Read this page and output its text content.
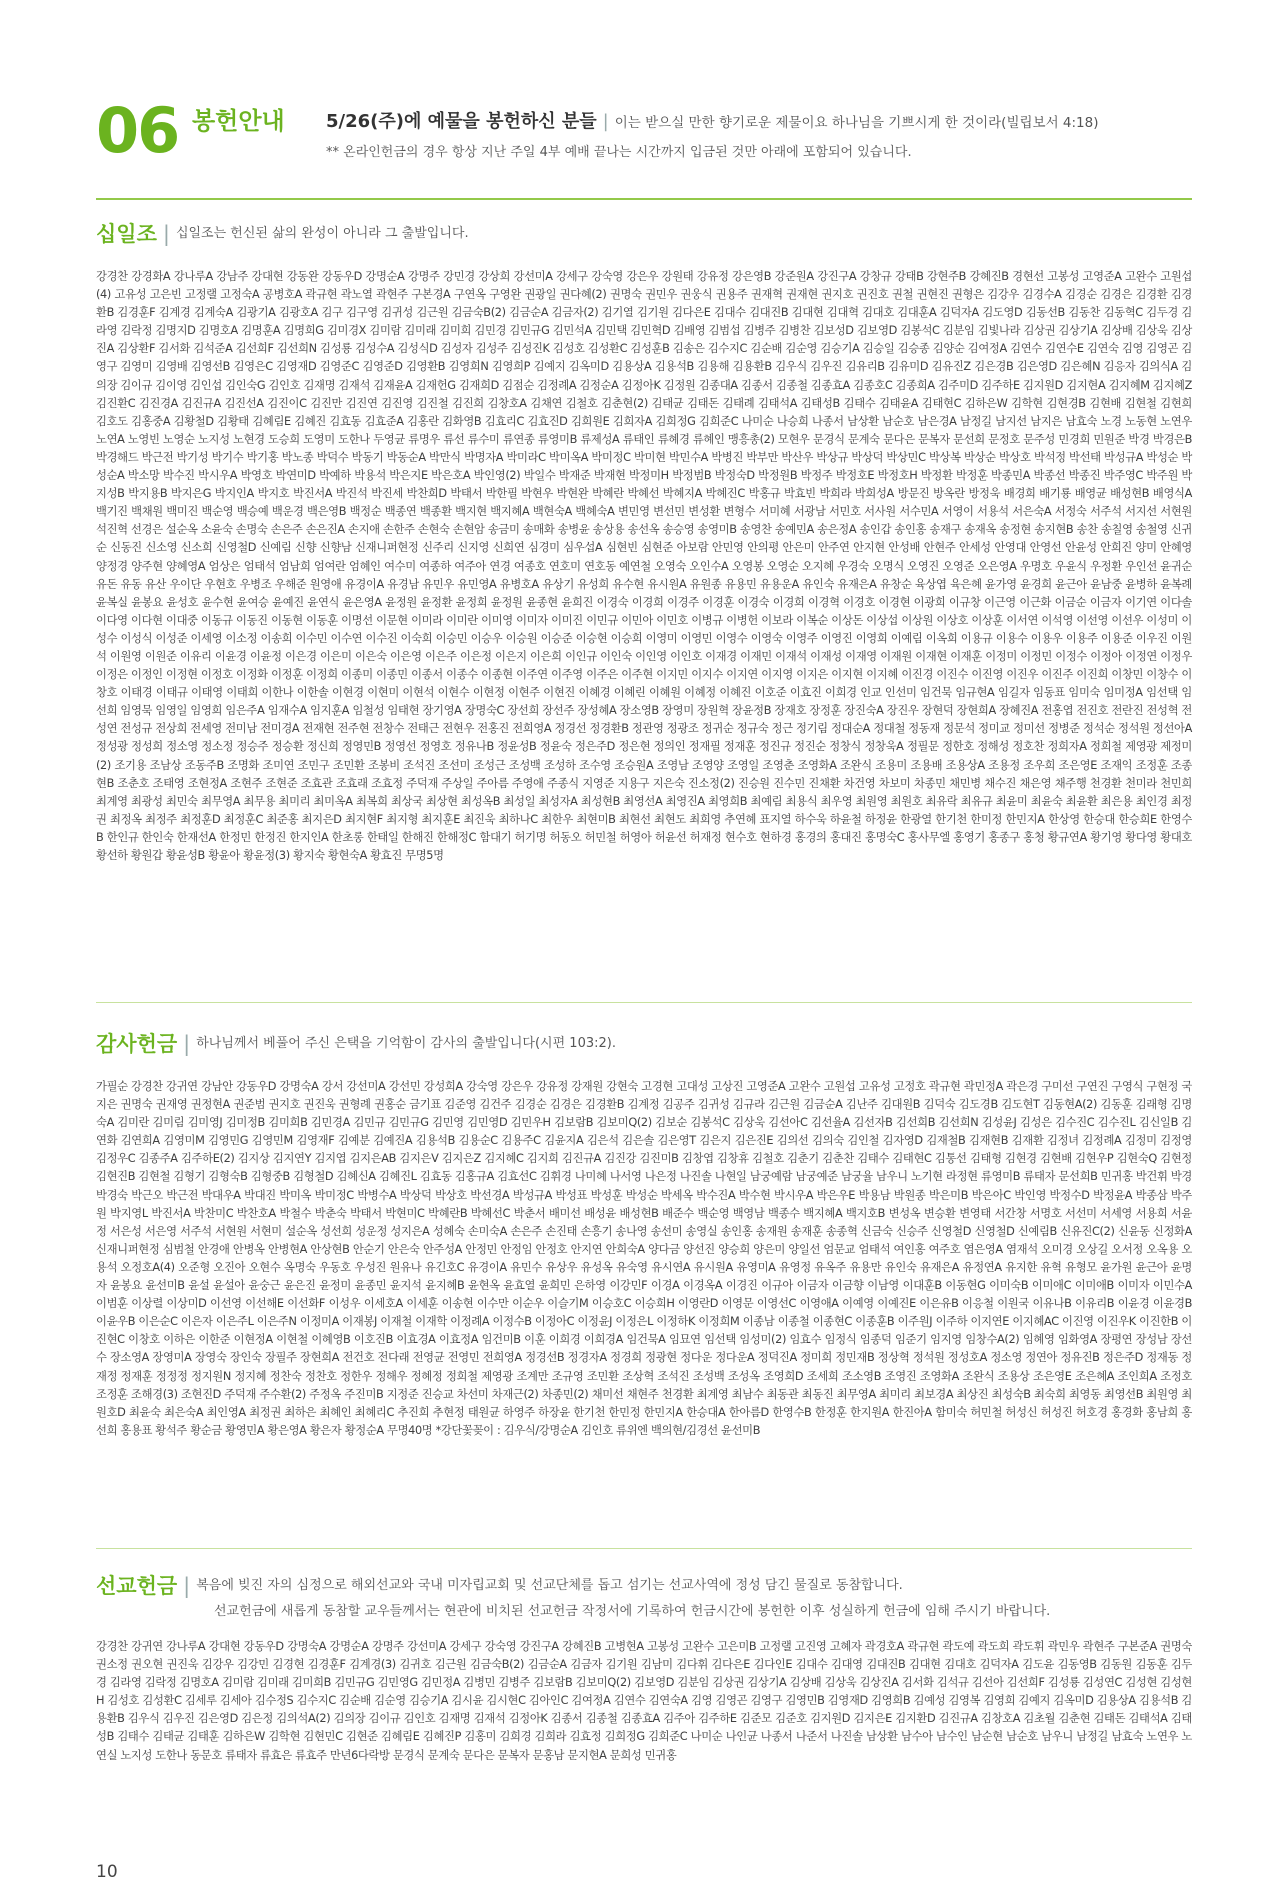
06 봉헌안내 5/26(주)에 예물을 봉헌하신 분들 | 이는 받으실 만한 향기로운 제물이요 하나님을 기쁘시게 한 것이라(빌립보서 4:18)
** 온라인헌금의 경우 항상 지난 주일 4부 예배 끝나는 시간까지 입금된 것만 아래에 포함되어 있습니다.
십일조 | 십일조는 헌신된 삶의 완성이 아니라 그 출발입니다.
강경찬 강경화A 강나루A 강남주 강대현 강동완 강동우D 강명순A 강명주 강민경 강상희 강선미A 강세구 강숙영 강은우 강원태 강유정 강은영B 강준원A 강진구A 강창규 강태B 강현주B 강혜진B 경현선 고봉성 고영준A 고완수 고원섭(4) 고유성 고은빈 고정랠 고정숙A 공병호A 곽규현 곽노열 곽현주 구본경A 구연옥 구영완 권광일 권다혜(2) 권명숙 권민우 권웅식 권용주 권재혁 권재현 권지호 권진호 권철 권현진 권형은 김강우 김경수A 김경순 김경은 김경환 김경환B 김경훈F 김계경 김계숙A 김광기A 김광호A 김구 김구영 김귀성 김근원 김금숙B(2) 김금순A 김금자(2) 김기열 김기원 김다은E 김대수 김대진B 김대현 김대혁 김대호 김대훈A 김덕자A 김도영D 김동선B 김동찬 김동혁C 김두경 김라영 김락정 김명지D 김명호A 김명훈A 김명희G 김미경X 김미람 김미래 김미희 김민경 김민규G 김민석A 김민택 김민혁D 김배영 김범섭 김병주 김병찬 김보성D 김보영D 김봉석C 김분임 김빛나라 김상권 김상기A 김상배 김상욱 김상진A 김상환F 김서화 김석준A 김선희F 김선희N 김성룡 김성수A 김성식D 김성자 김성주 김성진K 김성호 김성환C 김성훈B 김송은 김수지C 김순배 김순영 김승기A 김승일 김승종 김양순 김여정A 김연수 김연수E 김연숙 김영 김영곤 김영구 김영미 김영배 김영선B 김영은C 김영재D 김영준C 김영준D 김영환B 김영희N 김영희P 김예지 김옥미D 김용상A 김용석B 김용해 김용환B 김우식 김우진 김유리B 김유미D 김유진Z 김은경B 김은영D 김은혜N 김응자 김의식A 김의장 김이규 김이영 김인섭 김인숙G 김인호 김재명 김재석 김재윤A 김재헌G 김재희D 김점순 김정례A 김정순A 김정아K 김정원 김종대A 김종서 김종철 김종효A 김종호C 김종희A 김주미D 김주하E 김지원D 김지현A 김지혜M 김지혜Z 김진환C 김진경A 김진규A 김진선A 김진이C 김진만 김진연 김진영 김진철 김진희 김창호A 김채연 김철호 김춘현(2) 김태균 김태돈 김태례 김태석A 김태성B 김태수 김태윤A 김태현C 김하은W 김학현 김현경B 김현배 김현철 김현희 김호도 김홍중A 김황철D 김황태 김혜림E 김혜진 김효동 김효준A 김홍란 김화영B 김효리C 김효진D 김희원E 김희자A 김희정G 김희준C 나미순 나승희 나종서 남상환 남순호 남은경A 남정길 남지선 남지은 남효숙 노경 노동현 노연우 노연A 노영빈 노영순 노지성 노현경 도승희 도영미 도한나 두영균 류명우 류선 류수미 류연종 류영미B 류제성A 류태인 류혜경 류혜인 맹흥총(2) 모현우 문경식 문계숙 문다은 문복자 문선희 문정호 문주성 민경희 민원준 박경 박경은B 박경해드 박근전 박기성 박기수 박기홍 박노종 박덕수 박동기 박동순A 박만식 박명자A 박미라C 박미옥A 박미정C 박미현 박민수A 박병진 박부만 박산우 박상규 박상덕 박상민C 박상복 박상순 박상호 박석정 박선태 박성규A 박성순 박성순A 박소망 박수진 박시우A 박영호 박연미D 박예하 박용석 박은지E 박은호A 박인영(2) 박일수 박재준 박재현 박정미H 박정범B 박정숙D 박정원B 박정주 박정호E 박정호H 박정환 박정훈 박종민A 박종선 박종진 박주영C 박주원 박지성B 박지용B 박지은G 박지인A 박지호 박진서A 박진석 박진세 박찬희D 박태서 박한필 박현우 박현완 박혜란 박혜선 박혜지A 박혜진C 박홍규 박효빈 박희라 박희성A 방문진 방옥란 방정욱 배경희 배기룡 배영균 배성현B 배영식A 백기진 백채원 백미진 백순영 백승예 백운경 백은영B 백정순 백종연 백종환 백지현 백지혜A 백현숙A 백혜숙A 변민영 변선민 변성환 변형수 서미혜 서광남 서민호 서사원 서수민A 서영이 서용석 서은숙A 서정숙 서주석 서지선 서현원 석진혁 선경은 설순옥 소윤숙 손명숙 손은주 손은진A 손지애 손한주 손현숙 손현암 송금미 송매화 송병윤 송상용 송선옥 송승영 송영미B 송영찬 송예민A 송은정A 송인갑 송인홍 송재구 송재옥 송정현 송지현B 송찬 송칠영 송철영 신귀순 신동진 신소영 신소희 신영철D 신예림 신향 신향남 신재니퍼현정 신주리 신지영 신희연 심경미 심우섭A 심현빈 심현준 아보람 안민영 안의평 안은미 안주연 안지현 안성배 안현주 안세성 안영대 안영선 안윤성 안희진 양미 안혜영 양정경 양주현 양혜영A 엄상은 엄태석 엄남희 엄여란 엄혜인 여수미 여종하 여주아 연경 여종호 연호미 연호동 예연철 오영숙 오인수A 오영봉 오영순 오지혜 우경숙 오명식 오영진 오영준 오은영A 우명호 우윤식 우정환 우인선 윤귀순 유돈 유동 유산 우이단 우현호 우병조 우해준 원영애 유경이A 유경남 유민우 유민영A 유병호A 유상기 유성희 유수현 유시원A 유원종 유용민 유용운A 유인숙 유재은A 유창순 육상엽 육은혜 윤가영 윤경희 윤근아 윤남중 윤병하 윤복례 윤복실 윤봉요 윤성호 윤수현 윤여승 윤예진 윤연식 윤은영A 윤정원 윤정환 윤정희 윤정원 윤종현 윤희진 이경숙 이경희 이경주 이경훈 이경숙 이경희 이경혁 이경호 이경현 이광희 이규창 이근영 이근화 이금순 이금자 이기연 이다솔 이다영 이다현 이대중 이동규 이동진 이동현 이동훈 이명선 이문현 이미라 이미란 이미영 이미자 이미진 이민규 이민아 이민호 이병규 이병헌 이보라 이복순 이상돈 이상섭 이상원 이상호 이상훈 이서연 이석영 이선영 이선우 이성미 이성수 이성식 이성준 이세영 이소정 이송희 이수민 이수연 이수진 이숙희 이승민 이승우 이승원 이승준 이승현 이승희 이영미 이영민 이영수 이영숙 이영주 이영진 이영희 이예림 이옥희 이용규 이용수 이용우 이용주 이용준 이우진 이원석 이원영 이원준 이유리 이윤경 이윤정 이은경 이은미 이은숙 이은영 이은주 이은정 이은지 이은희 이인규 이인숙 이인영 이인호 이재경 이재민 이재석 이재성 이재영 이재원 이재현 이재훈 이정미 이정민 이정수 이정아 이정연 이정우 이정은 이정인 이정현 이정호 이정화 이정훈 이정희 이종미 이종민 이종서 이종수 이종현 이주연 이주영 이주은 이주현 이지민 이지수 이지연 이지영 이지은 이지현 이지혜 이진경 이진수 이진영 이진우 이진주 이진희 이창민 이창수 이창호 이태경 이태규 이태영 이태희 이한나 이한솔 이현경 이현미 이현석 이현수 이현정 이현주 이현진 이혜경 이혜린 이혜원 이혜정 이혜진 이호준 이효진 이희경 인교 인선미 임건묵 임규현A 임길자 임동표 임미숙 임미정A 임선택 임선희 임영묵 임영일 임영희 임은주A 임재수A 임지훈A 임철성 임태현 장기영A 장명숙C 장선희 장선주 장성혜A 장소영B 장영미 장원혁 장윤정B 장재호 장정훈 장진숙A 장진우 장현덕 장현희A 장혜진A 전홍엽 전진호 전란진 전성혁 전성연 전성규 전상희 전세영 전미남 전미경A 전재현 전주현 전창수 전태근 전현우 전홍진 전희영A 정경선 정경환B 정관영 정광조 정귀순 정규숙 정근 정기림 정대순A 정대철 정동재 정문석 정미교 정미선 정병준 정석순 정석원 정선아A 정성광 정성희 정소영 정소정 정승주 정승환 정신희 정영민B 정영선 정영호 정유나B 정윤성B 정윤숙 정은주D 정은현 정의인 정재필 정재훈 정진규 정진순 정창식 정창욱A 정필문 정한호 정해성 정호찬 정희자A 정희철 제영광 제정미(2) 조기용 조남상 조동주B 조명화 조미연 조민구 조민환 조봉비 조석진 조선미 조성근 조성백 조성하 조수영 조승원A 조영남 조영양 조영일 조영춘 조영화A 조완식 조용미 조용배 조용상A 조용정 조우희 조은영E 조재익 조정훈 조종현B 조춘호 조태영 조현정A 조현주 조현준 조효관 조효래 조효정 주덕재 주상일 주아름 주영애 주종식 지영준 지용구 지은숙 진소정(2) 진승원 진수민 진채환 차건영 차보미 차종민 채민병 채수진 채은영 채주행 천경환 천미라 천민희 최계영 최광성 최민숙 최무영A 최무용 최미리 최미옥A 최복희 최상국 최상현 최성옥B 최성일 최성자A 최성현B 최영선A 최영진A 최영희B 최예림 최용식 최우영 최원영 최원호 최유락 최유규 최윤미 최윤숙 최윤환 최은용 최인경 최정권 최정옥 최정주 최정훈D 최정훈C 최준홍 최지은D 최지현F 최지형 최지훈E 최진욱 최하나C 최한우 최현미B 최현선 최현도 최희영 추연혜 표지열 하수욱 하윤철 하정윤 한광열 한기천 한미정 한민지A 한상영 한승대 한승희E 한영수B 한인규 한인숙 한재선A 한정민 한정진 한지인A 한초롱 한태일 한해진 한해정C 함대기 허기명 허동오 허민철 허영아 허윤선 허재정 현수호 현하경 홍경의 홍대진 홍명숙C 홍사무엘 홍영기 홍종구 홍청 황규연A 황기영 황다영 황대호 황선하 황원갑 황윤성B 황윤아 황윤정(3) 황지숙 황현숙A 황효진 무명5명
감사헌금 | 하나님께서 베풀어 주신 은택을 기억함이 감사의 출발입니다(시편 103:2).
가필순 강경찬 강귀연 강남안 강동우D 강명숙A 강서 강선미A 강선민 강성희A 강숙영 강은우 강유정 강재원 강현숙 고경현 고대성 고상진 고영준A 고완수 고원섭 고유성 고정호 곽규현 곽민정A 곽은경 구미선 구연진 구영식 구현정 국지은 권명숙 권재영 권정현A 권준범 권지호 권진욱 권형례 권홍순 금기표 김준영 김건주 김경순 김경은 김경환B 김계정 김공주 김귀성 김규라 김근원 김금순A 김난주 김대원B 김덕숙 김도경B 김도현T 김동현A(2) 김동훈 김래형 김명숙A 김미란 김미림 김미영J 김미정B 김미희B 김민경A 김민규 김민규G 김민영 김민영D 김민우H 김보람B 김보미Q(2) 김보순 김봉석C 김상욱 김선아C 김선율A 김선자B 김선희B 김선희N 김성윤J 김성은 김수진C 김수진L 김신일B 김연화 김연희A 김영미M 김영민G 김영민M 김영재F 김예분 김예진A 김용석B 김용순C 김용주C 김윤지A 김은석 김은솔 김은영T 김은지 김은진E 김의선 김의숙 김인철 김자영D 김재철B 김재현B 김재환 김정녀 김정례A 김정미 김정영 김정우C 김종주A 김주하E(2) 김지상 김지연Y 김지엽 김지은AB 김지은V 김지은Z 김지혜C 김지희 김진규A 김진강 김진미B 김창엽 김창휴 김철호 김춘기 김춘찬 김태수 김태현C 김통선 김태형 김현경 김현배 김현우P 김현숙Q 김현정 김현진B 김현철 김형기 김형숙B 김형중B 김형철D 김혜신A 김혜진L 김효동 김홍규A 김효선C 김휘경 나미혜 나서영 나은정 나진솔 나현일 남궁예람 남궁예준 남궁율 남우니 노기현 라정현 류영미B 류태자 문선희B 민귀홍 박건휘 박경 박경숙 박근오 박근전 박대우A 박대진 박미옥 박미정C 박병수A 박상덕 박상호 박선경A 박성규A 박성표 박성훈 박성순 박세옥 박수진A 박수현 박시우A 박은우E 박용남 박원종 박은미B 박은아C 박인영 박정수D 박정윤A 박종삼 박주원 박지영L 박진서A 박찬미C 박찬호A 박철수 박춘숙 박태서 박현미C 박혜란B 박혜선C 박춘서 배미선 배성윤 배성현B 배준수 백순영 백영남 백종수 백지혜A 백지호B 변성옥 변승환 변영태 서간창 서명호 서선미 서세영 서용희 서윤정 서은성 서은영 서주석 서현원 서현미 설순옥 성선희 성운정 성지은A 성혜숙 손미숙A 손은주 손진태 손흥기 송나영 송선미 송영실 송인홍 송재원 송재훈 송종혁 신금숙 신승주 신영철D 신영철D 신예림B 신유진C(2) 신윤동 신정화A 신재니퍼현정 심범철 안경애 안병옥 안병현A 안상현B 안순기 안은숙 안주성A 안정민 안정임 안정호 안지연 안희숙A 양다금 양선진 양승희 양은미 양일선 엄문교 엄태석 여인홍 여주호 염은영A 염재석 오미경 오상길 오서정 오옥용 오용석 오정호A(4) 오준형 오진아 오현수 옥명숙 우동호 우성진 원유나 유긴호C 유경이A 유민수 유상우 유성옥 유숙영 유시연A 유시원A 유영미A 유영정 유옥주 유용만 유인숙 유재은A 유정연A 유지한 유혁 유형모 윤가원 윤근아 윤명자 윤봉요 윤선미B 윤설 윤설아 윤숭근 윤은진 윤정미 윤종민 윤지석 윤지혜B 윤현옥 윤효열 윤희민 은하영 이강민F 이경A 이경옥A 이경진 이규아 이금자 이금향 이남영 이대훈B 이동현G 이미숙B 이미애C 이미애B 이미자 이민수A 이범훈 이상렬 이상미D 이선영 이선해E 이선화F 이성우 이세호A 이세훈 이송현 이수만 이순우 이슬기M 이승호C 이승희H 이영란D 이영문 이영선C 이영애A 이예영 이예진E 이은유B 이응철 이원국 이유나B 이유리B 이윤경 이윤경B 이윤우B 이은순C 이은자 이은주L 이은주N 이정미A 이재봉J 이재철 이재학 이정례A 이정수B 이정아C 이정윤J 이정은L 이정하K 이정희M 이종남 이종철 이종현C 이종훈B 이주원J 이주하 이지연E 이지혜AC 이진영 이진우K 이진한B 이진현C 이창호 이하은 이한준 이현정A 이현철 이혜영B 이호진B 이효경A 이효정A 임건미B 이훈 이희경 이희경A 임건묵A 임묘연 임선택 임성미(2) 임효수 임정식 임종덕 임준기 임지영 임창수A(2) 임혜영 임화영A 장평연 장성남 장선수 장소영A 장영미A 장영숙 장인숙 장필주 장현희A 전건호 전다래 전영균 전영민 전희영A 정경선B 정경자A 정경희 정광현 정다운 정다운A 정덕진A 정미희 정민재B 정상혁 정석원 정성호A 정소영 정연아 정유진B 정은주D 정재동 정재정 정재훈 정정정 정지원N 정지혜 정찬숙 정찬호 정한우 정해우 정혜정 정희철 제영광 조계만 조규영 조민환 조상혁 조석진 조성백 조성옥 조영희D 조세희 조소영B 조영진 조영화A 조완식 조용상 조은영E 조은혜A 조인희A 조정호 조정훈 조해경(3) 조현진D 주덕재 주수환(2) 주정옥 주진미B 지정준 진승교 차선미 차재근(2) 차종민(2) 채미선 채현주 천경환 최계영 최남수 최동관 최동진 최무영A 최미리 최보경A 최상진 최성숙B 최숙희 최영동 최영선B 최원영 최원호D 최윤숙 최은숙A 최인영A 최정권 최하은 최혜인 최혜리C 추진희 추현정 태원균 하영주 하장윤 한기천 한민정 한민지A 한승대A 한아름D 한영수B 한정훈 한지원A 한진아A 함미숙 허민철 허성신 허성진 허호경 홍경화 홍남희 홍선희 홍용표 황석주 황순금 황영민A 황은영A 황은자 황정순A 무명40명 *강단꽃꽂이 : 김우식/강명순A 김인호 류위엔 백의현/김경선 윤선미B
선교헌금 | 복음에 빚진 자의 심정으로 해외선교와 국내 미자립교회 및 선교단체를 돕고 섬기는 선교사역에 정성 담긴 물질로 동참합니다.
선교헌금에 새롭게 동참할 교우들께서는 현관에 비치된 선교헌금 작정서에 기록하여 헌금시간에 봉헌한 이후 성실하게 헌금에 임해 주시기 바랍니다.
강경찬 강귀연 강나루A 강대현 강동우D 강명숙A 강명순A 강명주 강선미A 강세구 강숙영 강진구A 강혜진B 고병현A 고봉성 고완수 고은미B 고정랠 고진영 고혜자 곽경호A 곽규현 곽도예 곽도희 곽도휘 곽민우 곽현주 구본준A 권명숙 권소정 권오현 권진욱 김강우 김강민 김경현 김경훈F 김계경(3) 김귀호 김근원 김금숙B(2) 김금순A 김금자 김기원 김남미 김다휘 김다은E 김다인E 김대수 김대영 김대진B 김대현 김대호 김덕자A 김도윤 김동영B 김동원 김동훈 김두경 김라영 김락정 김명호A 김미람 김미래 김미희B 김민규G 김민영G 김민정A 김병민 김병주 김보람B 김보미Q(2) 김보영D 김분임 김상권 김상기A 김상배 김상욱 김상진A 김서화 김석규 김선아 김선희F 김성룡 김성연C 김성현 김성현H 김성호 김성환C 김세루 김세아 김수정S 김수지C 김순배 김순영 김승기A 김시윤 김시현C 김아인C 김여정A 김연수 김연숙A 김영 김영곤 김영구 김영민B 김영재D 김영희B 김예성 김영복 김영희 김예지 김옥미D 김용상A 김용석B 김용환B 김우식 김우진 김은영D 김은정 김의석A(2) 김의장 김이규 김인호 김재명 김재석 김정아K 김종서 김종철 김종효A 김주아 김주하E 김준모 김준호 김지원D 김지은E 김지환D 김진규A 김창호A 김초월 김춘현 김태돈 김태석A 김태성B 김태수 김태균 김태훈 김하은W 김학현 김현민C 김현준 김혜림E 김혜진P 김홍미 김희경 김희라 김효정 김희정G 김희준C 나미순 나인균 나종서 나준서 나진솔 남상환 남수아 남수인 남순현 남순호 남우니 남정길 남효숙 노연우 노연실 노지성 도한나 동문호 류태자 류효은 류효주 만년6다락방 문경식 문계숙 문다은 문복자 문홍남 문지현A 문희성 민귀홍
10
